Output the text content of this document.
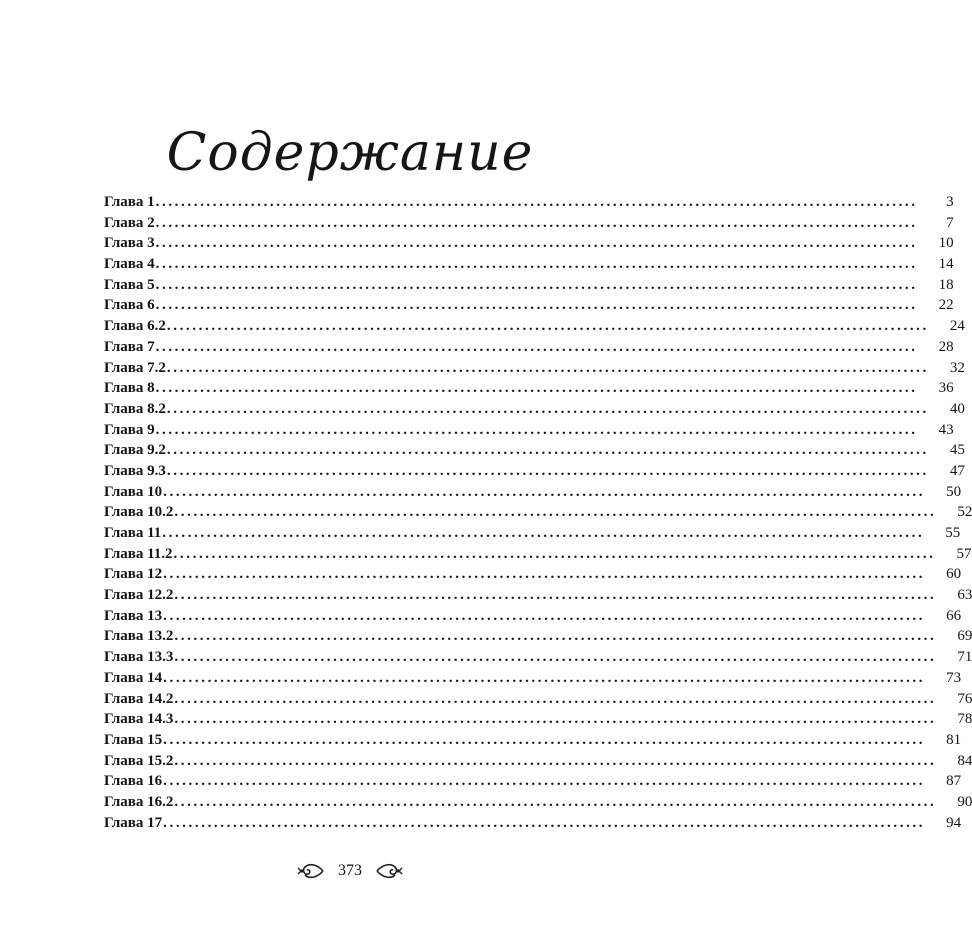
Содержание
Глава 1 ........................................................................................................................	3
Глава 2 ........................................................................................................................	7
Глава 3 ........................................................................................................................	10
Глава 4 ........................................................................................................................	14
Глава 5 ........................................................................................................................	18
Глава 6 ........................................................................................................................	22
Глава 6.2 ........................................................................................................................	24
Глава 7 ........................................................................................................................	28
Глава 7.2 ........................................................................................................................	32
Глава 8 ........................................................................................................................	36
Глава 8.2 ........................................................................................................................	40
Глава 9 ........................................................................................................................	43
Глава 9.2 ........................................................................................................................	45
Глава 9.3 ........................................................................................................................	47
Глава 10 ........................................................................................................................	50
Глава 10.2 ........................................................................................................................	52
Глава 11 ........................................................................................................................	55
Глава 11.2 ........................................................................................................................	57
Глава 12 ........................................................................................................................	60
Глава 12.2 ........................................................................................................................	63
Глава 13 ........................................................................................................................	66
Глава 13.2 ........................................................................................................................	69
Глава 13.3 ........................................................................................................................	71
Глава 14 ........................................................................................................................	73
Глава 14.2 ........................................................................................................................	76
Глава 14.3 ........................................................................................................................	78
Глава 15 ........................................................................................................................	81
Глава 15.2 ........................................................................................................................	84
Глава 16 ........................................................................................................................	87
Глава 16.2 ........................................................................................................................	90
Глава 17 ........................................................................................................................	94
373
